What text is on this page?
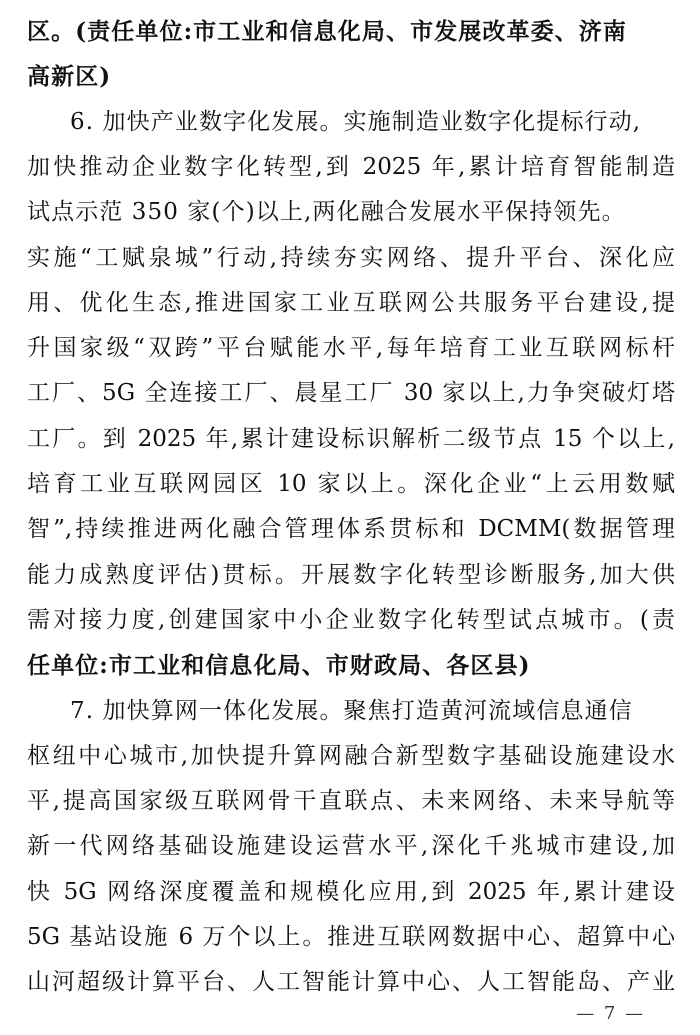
区。(责任单位:市工业和信息化局、市发展改革委、济南
高新区)
6. 加快产业数字化发展。实施制造业数字化提标行动,
加快推动企业数字化转型,到 2025 年,累计培育智能制造
试点示范 350 家(个)以上,两化融合发展水平保持领先。
实施“工赋泉城”行动,持续夯实网络、提升平台、深化应
用、优化生态,推进国家工业互联网公共服务平台建设,提
升国家级“双跨”平台赋能水平,每年培育工业互联网标杆
工厂、5G 全连接工厂、晨星工厂 30 家以上,力争突破灯塔
工厂。到 2025 年,累计建设标识解析二级节点 15 个以上,
培育工业互联网园区 10 家以上。深化企业“上云用数赋
智”,持续推进两化融合管理体系贯标和 DCMM(数据管理
能力成熟度评估)贯标。开展数字化转型诊断服务,加大供
需对接力度,创建国家中小企业数字化转型试点城市。(责
任单位:市工业和信息化局、市财政局、各区县)
7. 加快算网一体化发展。聚焦打造黄河流域信息通信
枢纽中心城市,加快提升算网融合新型数字基础设施建设水
平,提高国家级互联网骨干直联点、未来网络、未来导航等
新一代网络基础设施建设运营水平,深化千兆城市建设,加
快 5G 网络深度覆盖和规模化应用,到 2025 年,累计建设
5G 基站设施 6 万个以上。推进互联网数据中心、超算中心
山河超级计算平台、人工智能计算中心、人工智能岛、产业
— 7 —
